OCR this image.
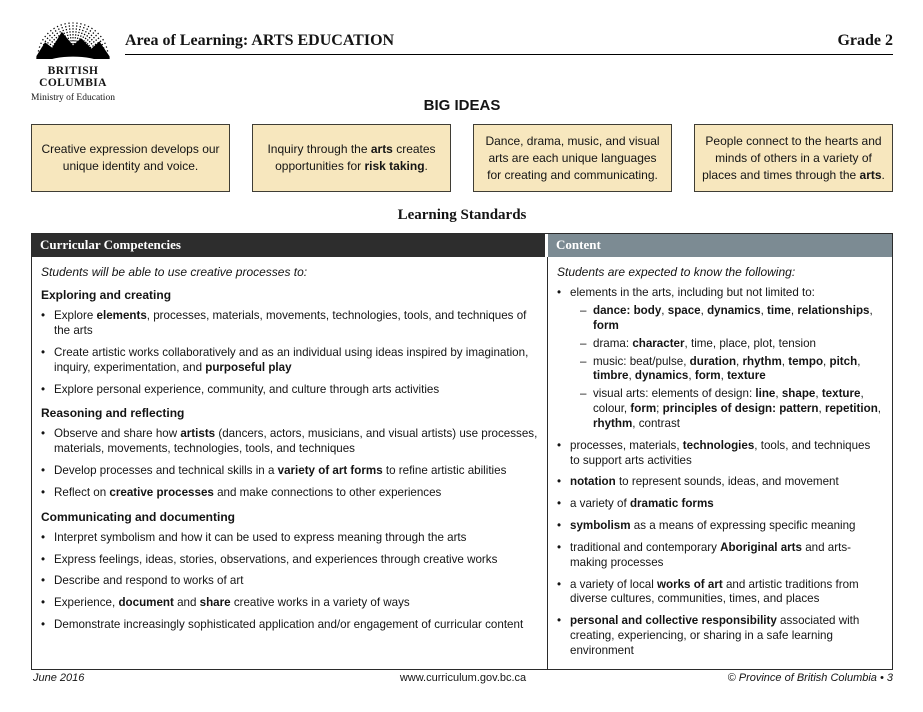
BRITISH
COLUMBIA
Ministry of Education
Area of Learning: ARTS EDUCATION	Grade 2
BIG IDEAS
Creative expression develops our unique identity and voice.
Inquiry through the arts creates opportunities for risk taking.
Dance, drama, music, and visual arts are each unique languages for creating and communicating.
People connect to the hearts and minds of others in a variety of places and times through the arts.
Learning Standards
Curricular Competencies	Content
Students will be able to use creative processes to:
Exploring and creating
• Explore elements, processes, materials, movements, technologies, tools, and techniques of the arts
• Create artistic works collaboratively and as an individual using ideas inspired by imagination, inquiry, experimentation, and purposeful play
• Explore personal experience, community, and culture through arts activities
Reasoning and reflecting
• Observe and share how artists (dancers, actors, musicians, and visual artists) use processes, materials, movements, technologies, tools, and techniques
• Develop processes and technical skills in a variety of art forms to refine artistic abilities
• Reflect on creative processes and make connections to other experiences
Communicating and documenting
• Interpret symbolism and how it can be used to express meaning through the arts
• Express feelings, ideas, stories, observations, and experiences through creative works
• Describe and respond to works of art
• Experience, document and share creative works in a variety of ways
• Demonstrate increasingly sophisticated application and/or engagement of curricular content
Students are expected to know the following:
• elements in the arts, including but not limited to:
– dance: body, space, dynamics, time, relationships, form
– drama: character, time, place, plot, tension
– music: beat/pulse, duration, rhythm, tempo, pitch, timbre, dynamics, form, texture
– visual arts: elements of design: line, shape, texture, colour, form; principles of design: pattern, repetition, rhythm, contrast
• processes, materials, technologies, tools, and techniques to support arts activities
• notation to represent sounds, ideas, and movement
• a variety of dramatic forms
• symbolism as a means of expressing specific meaning
• traditional and contemporary Aboriginal arts and arts-making processes
• a variety of local works of art and artistic traditions from diverse cultures, communities, times, and places
• personal and collective responsibility associated with creating, experiencing, or sharing in a safe learning environment
June 2016	www.curriculum.gov.bc.ca	© Province of British Columbia • 3
